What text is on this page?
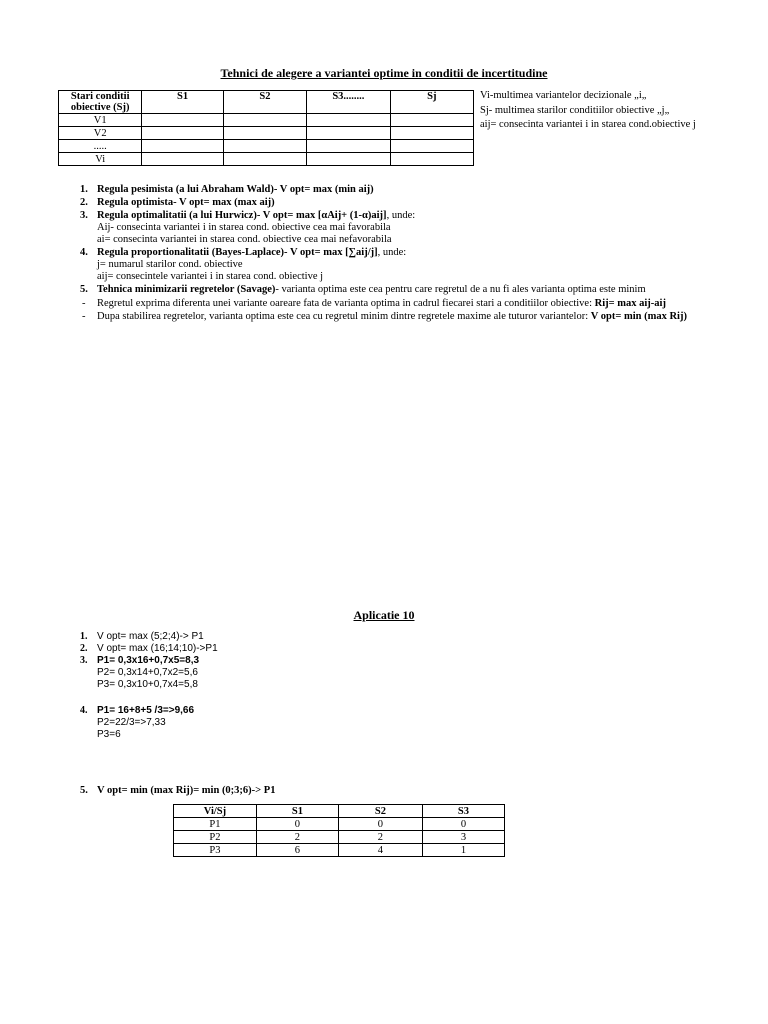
Tehnici de alegere a variantei optime in conditii de incertitudine
Stari conditii obiective (Sj)	S1	S2	S3........	Sj
V1				
V2				
.....				
Vi				
Vi-multimea variantelor decizionale „i„
Sj- multimea starilor conditiilor obiective „j„
aij= consecinta variantei i in starea cond.obiective j
1. Regula pesimista (a lui Abraham Wald)- V opt= max (min aij)
2. Regula optimista- V opt= max (max aij)
3. Regula optimalitatii (a lui Hurwicz)- V opt= max [αAij+ (1-α)aij], unde:
Aij- consecinta variantei i in starea cond. obiective cea mai favorabila
ai= consecinta variantei in starea cond. obiective cea mai nefavorabila
4. Regula proportionalitatii (Bayes-Laplace)- V opt= max [∑aij/j], unde:
j= numarul starilor cond. obiective
aij= consecintele variantei i in starea cond. obiective j
5. Tehnica minimizarii regretelor (Savage)- varianta optima este cea pentru care regretul de a nu fi ales varianta optima este minim
- Regretul exprima diferenta unei variante oareare fata de varianta optima in cadrul fiecarei stari a conditiilor obiective: Rij= max aij-aij
- Dupa stabilirea regretelor, varianta optima este cea cu regretul minim dintre regretele maxime ale tuturor variantelor: V opt= min (max Rij)
Aplicatie 10
1. V opt= max (5;2;4)-> P1
2. V opt= max (16;14;10)->P1
3. P1= 0,3x16+0,7x5=8,3
P2= 0,3x14+0,7x2=5,6
P3= 0,3x10+0,7x4=5,8
4. P1= 16+8+5 /3=>9,66
P2=22/3=>7,33
P3=6
5. V opt= min (max Rij)= min (0;3;6)-> P1
Vi/Sj	S1	S2	S3
P1	0	0	0
P2	2	2	3
P3	6	4	1
